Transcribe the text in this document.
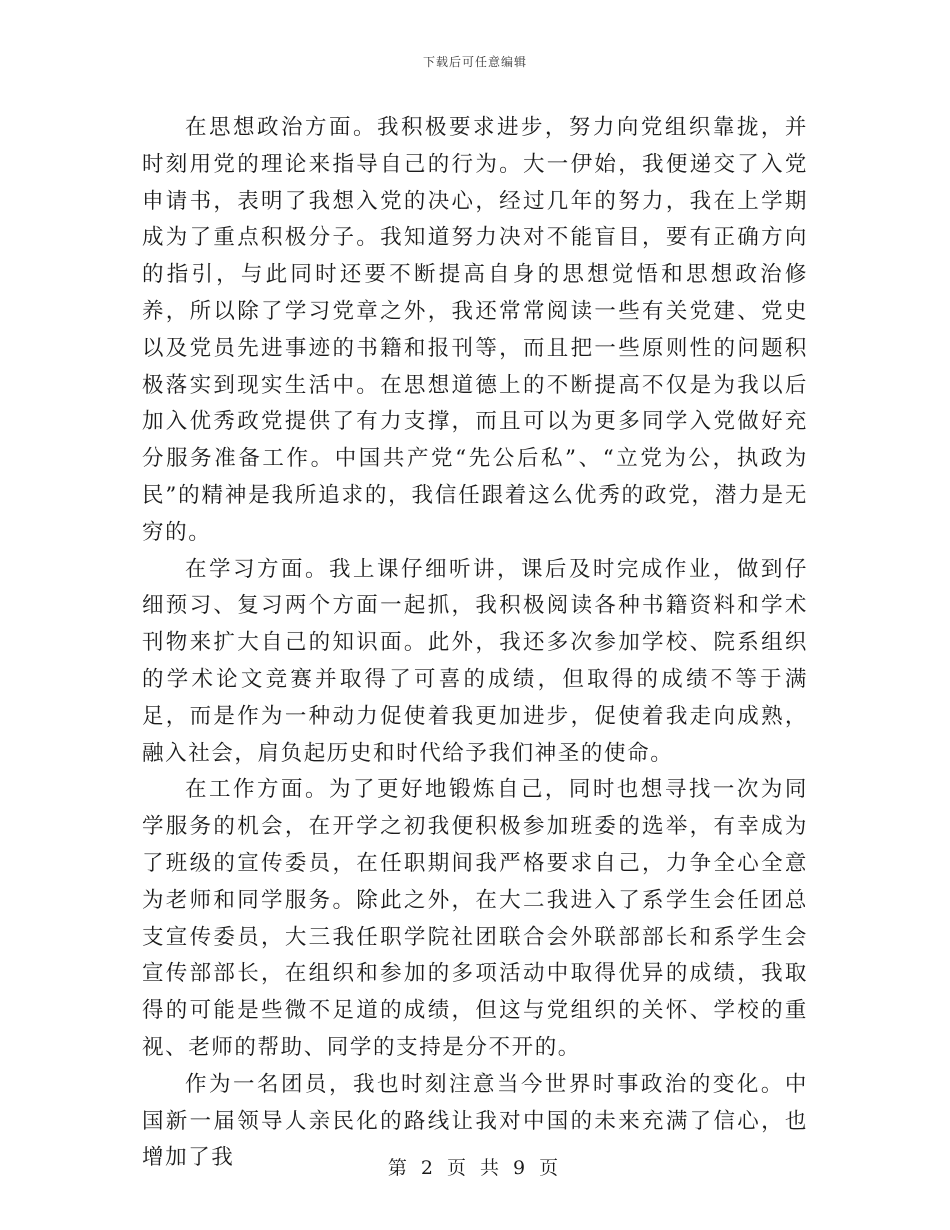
下载后可任意编辑

在思想政治方面。我积极要求进步，努力向党组织靠拢，并时刻用党的理论来指导自己的行为。大一伊始，我便递交了入党申请书，表明了我想入党的决心，经过几年的努力，我在上学期成为了重点积极分子。我知道努力决对不能盲目，要有正确方向的指引，与此同时还要不断提高自身的思想觉悟和思想政治修养，所以除了学习党章之外，我还常常阅读一些有关党建、党史以及党员先进事迹的书籍和报刊等，而且把一些原则性的问题积极落实到现实生活中。在思想道德上的不断提高不仅是为我以后加入优秀政党提供了有力支撑，而且可以为更多同学入党做好充分服务准备工作。中国共产党“先公后私”、“立党为公，执政为民”的精神是我所追求的，我信任跟着这么优秀的政党，潜力是无穷的。

在学习方面。我上课仔细听讲，课后及时完成作业，做到仔细预习、复习两个方面一起抓，我积极阅读各种书籍资料和学术刊物来扩大自己的知识面。此外，我还多次参加学校、院系组织的学术论文竞赛并取得了可喜的成绩，但取得的成绩不等于满足，而是作为一种动力促使着我更加进步，促使着我走向成熟，融入社会，肩负起历史和时代给予我们神圣的使命。

在工作方面。为了更好地锻炼自己，同时也想寻找一次为同学服务的机会，在开学之初我便积极参加班委的选举，有幸成为了班级的宣传委员，在任职期间我严格要求自己，力争全心全意为老师和同学服务。除此之外，在大二我进入了系学生会任团总支宣传委员，大三我任职学院社团联合会外联部部长和系学生会宣传部部长，在组织和参加的多项活动中取得优异的成绩，我取得的可能是些微不足道的成绩，但这与党组织的关怀、学校的重视、老师的帮助、同学的支持是分不开的。

作为一名团员，我也时刻注意当今世界时事政治的变化。中国新一届领导人亲民化的路线让我对中国的未来充满了信心，也增加了我	第 2 页 共 9 页
